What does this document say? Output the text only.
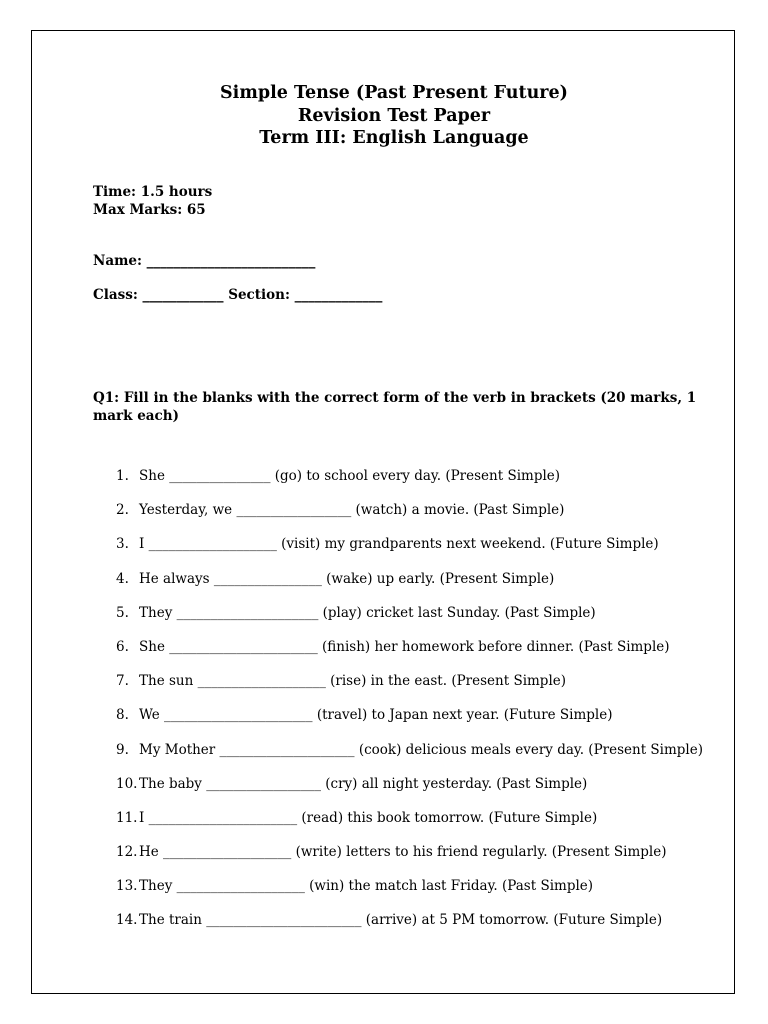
Simple Tense (Past Present Future)
Revision Test Paper
Term III: English Language
Time: 1.5 hours
Max Marks: 65
Name: _________________________
Class: ____________ Section: _____________
Q1: Fill in the blanks with the correct form of the verb in brackets (20 marks, 1 mark each)
1. She _______________ (go) to school every day. (Present Simple)
2. Yesterday, we _________________ (watch) a movie. (Past Simple)
3. I ___________________ (visit) my grandparents next weekend. (Future Simple)
4. He always ________________ (wake) up early. (Present Simple)
5. They _____________________ (play) cricket last Sunday. (Past Simple)
6. She ______________________ (finish) her homework before dinner. (Past Simple)
7. The sun ___________________ (rise) in the east. (Present Simple)
8. We ______________________ (travel) to Japan next year. (Future Simple)
9. My Mother ____________________ (cook) delicious meals every day. (Present Simple)
10. The baby _________________ (cry) all night yesterday. (Past Simple)
11. I ______________________ (read) this book tomorrow. (Future Simple)
12. He ___________________ (write) letters to his friend regularly. (Present Simple)
13. They ___________________ (win) the match last Friday. (Past Simple)
14. The train _______________________ (arrive) at 5 PM tomorrow. (Future Simple)
